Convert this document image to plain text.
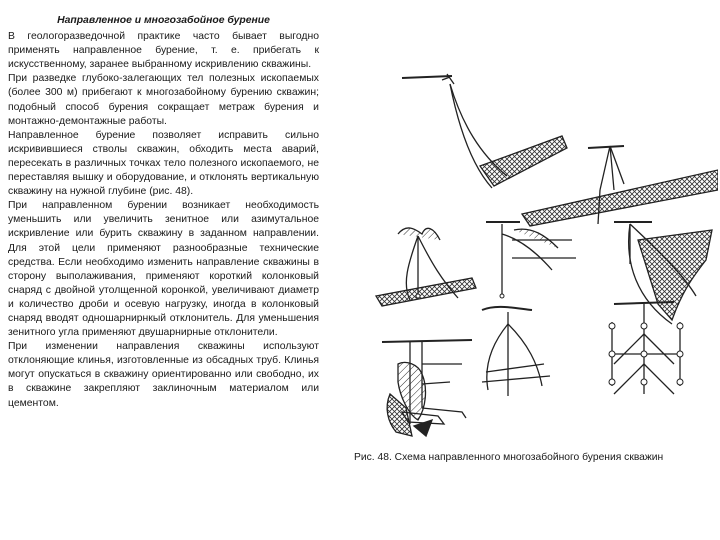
Направленное и многозабойное бурение

В геологоразведочной практике часто бывает выгодно применять направленное бурение, т. е. прибегать к искусственному, заранее выбранному искривлению скважины.

При разведке глубоко-залегающих тел полезных ископаемых (более 300 м) прибегают к многозабойному бурению скважин; подобный способ бурения сокращает метраж бурения и монтажно-демонтажные работы.

Направленное бурение позволяет исправить сильно искривившиеся стволы скважин, обходить места аварий, пересекать в различных точках тело полезного ископаемого, не переставляя вышку и оборудование, и отклонять вертикальную скважину на нужной глубине (рис. 48).

При направленном бурении возникает необходимость уменьшить или увеличить зенитное или азимутальное искривление или бурить скважину в заданном направлении. Для этой цели применяют разнообразные технические средства. Если необходимо изменить направление скважины в сторону выполаживания, применяют короткий колонковый снаряд с двойной утолщенной коронкой, увеличивают диаметр и количество дроби и осевую нагрузку, иногда в колонковый снаряд вводят одношарнирнкый отклонитель. Для уменьшения зенитного угла применяют двушарнирные отклонители.

При изменении направления скважины используют отклоняющие клинья, изготовленные из обсадных труб. Клинья могут опускаться в скважину ориентированно или свободно, их в скважине закрепляют заклиночным материалом или цементом.

Рис. 48. Схема направленного многозабойного бурения скважин
